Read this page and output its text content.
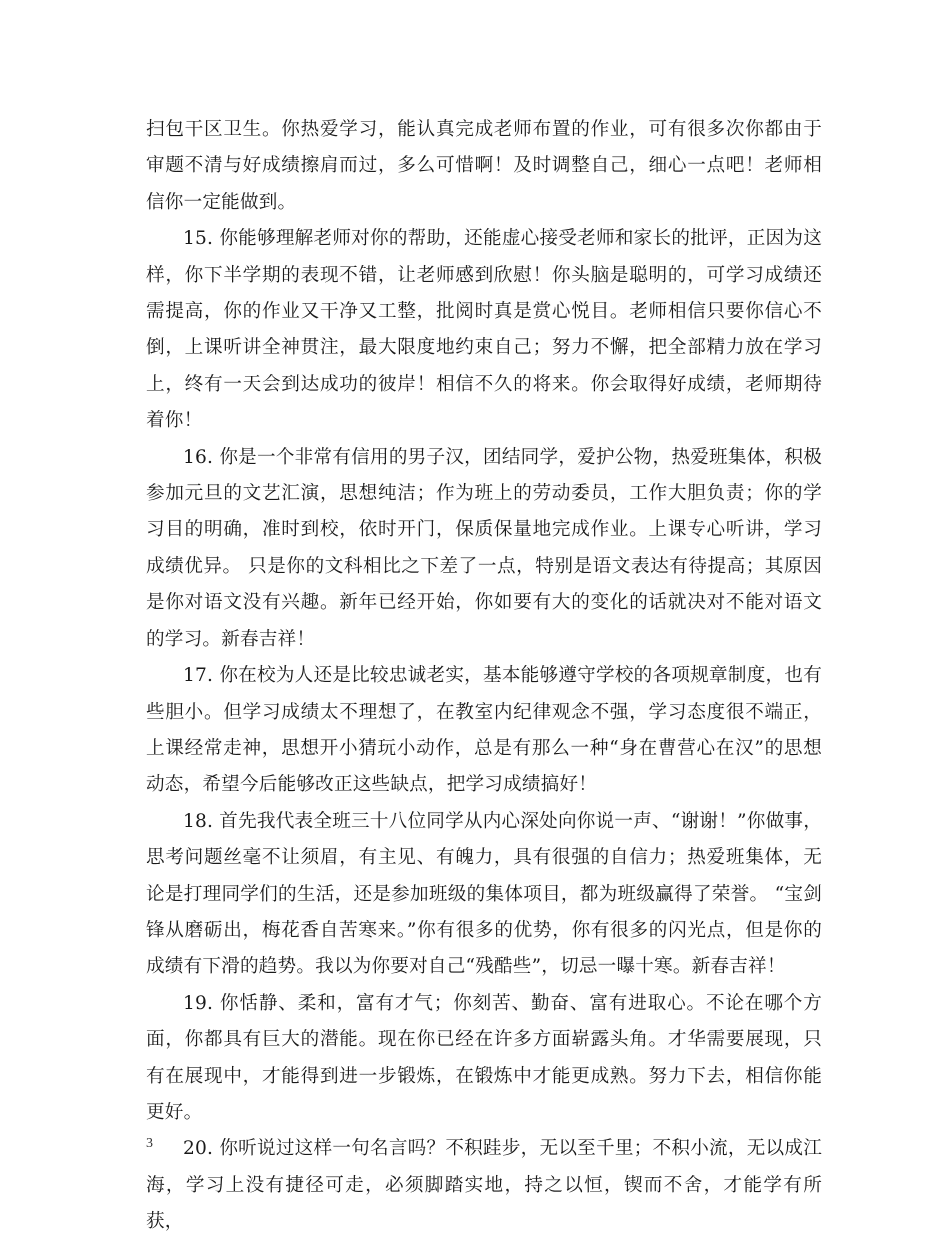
扫包干区卫生。你热爱学习，能认真完成老师布置的作业，可有很多次你都由于审题不清与好成绩擦肩而过，多么可惜啊！及时调整自己，细心一点吧！老师相信你一定能做到。

15. 你能够理解老师对你的帮助，还能虚心接受老师和家长的批评，正因为这样，你下半学期的表现不错，让老师感到欣慰！你头脑是聪明的，可学习成绩还需提高，你的作业又干净又工整，批阅时真是赏心悦目。老师相信只要你信心不倒，上课听讲全神贯注，最大限度地约束自己；努力不懈，把全部精力放在学习上，终有一天会到达成功的彼岸！相信不久的将来。你会取得好成绩，老师期待着你！

16. 你是一个非常有信用的男子汉，团结同学，爱护公物，热爱班集体，积极参加元旦的文艺汇演，思想纯洁；作为班上的劳动委员，工作大胆负责；你的学习目的明确，准时到校，依时开门，保质保量地完成作业。上课专心听讲，学习成绩优异。 只是你的文科相比之下差了一点，特别是语文表达有待提高；其原因是你对语文没有兴趣。新年已经开始，你如要有大的变化的话就决对不能对语文的学习。新春吉祥！

17. 你在校为人还是比较忠诚老实，基本能够遵守学校的各项规章制度，也有些胆小。但学习成绩太不理想了，在教室内纪律观念不强，学习态度很不端正，上课经常走神，思想开小猜玩小动作，总是有那么一种“身在曹营心在汉”的思想动态，希望今后能够改正这些缺点，把学习成绩搞好！

18. 首先我代表全班三十八位同学从内心深处向你说一声、“谢谢！”你做事，思考问题丝毫不让须眉，有主见、有魄力，具有很强的自信力；热爱班集体，无论是打理同学们的生活，还是参加班级的集体项目，都为班级赢得了荣誉。 “宝剑锋从磨砺出，梅花香自苦寒来。”你有很多的优势，你有很多的闪光点，但是你的成绩有下滑的趋势。我以为你要对自己“残酷些”，切忌一曝十寒。新春吉祥！

19. 你恬静、柔和，富有才气；你刻苦、勤奋、富有进取心。不论在哪个方面，你都具有巨大的潜能。现在你已经在许多方面崭露头角。才华需要展现，只有在展现中，才能得到进一步锻炼，在锻炼中才能更成熟。努力下去，相信你能更好。

20. 你听说过这样一句名言吗？不积跬步，无以至千里；不积小流，无以成江海，学习上没有捷径可走，必须脚踏实地，持之以恒，锲而不舍，才能学有所获，

3
